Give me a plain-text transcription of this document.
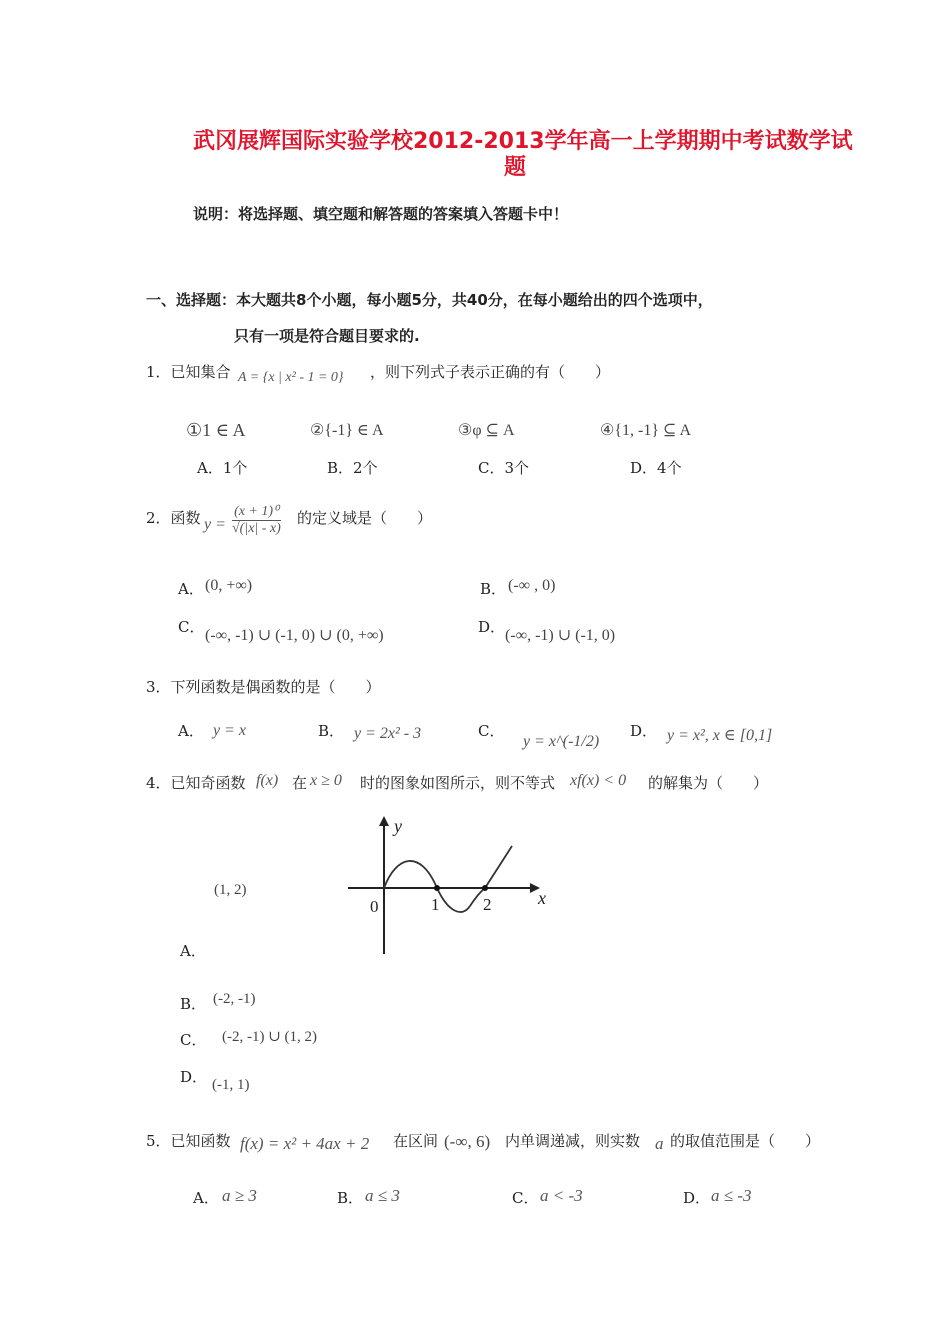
武冈展辉国际实验学校2012-2013学年高一上学期期中考试数学试
题
说明：将选择题、填空题和解答题的答案填入答题卡中！
一、选择题：本大题共8个小题，每小题5分，共40分，在每小题给出的四个选项中，
只有一项是符合题目要求的.
1．已知集合 A = {x | x² - 1 = 0} ，则下列式子表示正确的有（　　）
①1 ∈ A	②{-1} ∈ A	③φ ⊆ A	④{1, -1} ⊆ A
A．1个	B．2个	C．3个	D．4个
2．函数 $y = \frac{\text{(x + 1)⁰}}{√(|x| - x)}$ 的定义域是（　　）
A． (0, +∞)	B． (-∞ , 0)
C． (-∞, -1) ∪ (-1, 0) ∪ (0, +∞)	D． (-∞, -1) ∪ (-1, 0)
3．下列函数是偶函数的是（　　）
A． y = x	B． y = 2x² - 3	C．
y = x^(-1/2)
D． y = x², x ∈ [0,1]
4．已知奇函数 f(x) 在 x ≥ 0 时的图象如图所示，则不等式 xf(x) < 0 的解集为（　　）
y
x
0	1	2
(1, 2)
A．
B． (-2, -1)
C． (-2, -1) ∪ (1, 2)
D． (-1, 1)
5．已知函数 f(x) = x² + 4ax + 2 在区间 (-∞, 6) 内单调递减，则实数 a 的取值范围是（　　）
A． a ≥ 3	B． a ≤ 3	C． a < -3	D． a ≤ -3
